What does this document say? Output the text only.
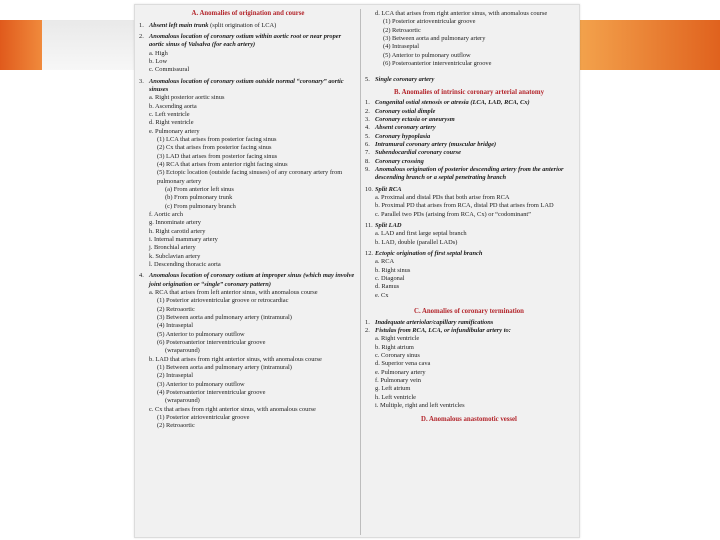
A. Anomalies of origination and course
1. Absent left main trunk (split origination of LCA)
2. Anomalous location of coronary ostium within aortic root or near proper aortic sinus of Valsalva (for each artery)
a. High
b. Low
c. Commissural
3. Anomalous location of coronary ostium outside normal “coronary” aortic sinuses
a. Right posterior aortic sinus
b. Ascending aorta
c. Left ventricle
d. Right ventricle
e. Pulmonary artery
(1) LCA that arises from posterior facing sinus
(2) Cx that arises from posterior facing sinus
(3) LAD that arises from posterior facing sinus
(4) RCA that arises from anterior right facing sinus
(5) Ectopic location (outside facing sinuses) of any coronary artery from pulmonary artery
(a) From anterior left sinus
(b) From pulmonary trunk
(c) From pulmonary branch
f. Aortic arch
g. Innominate artery
h. Right carotid artery
i. Internal mammary artery
j. Bronchial artery
k. Subclavian artery
l. Descending thoracic aorta
4. Anomalous location of coronary ostium at improper sinus (which may involve joint origination or “single” coronary pattern)
a. RCA that arises from left anterior sinus, with anomalous course
(1) Posterior atrioventricular groove or retrocardiac
(2) Retroaortic
(3) Between aorta and pulmonary artery (intramural)
(4) Intraseptal
(5) Anterior to pulmonary outflow
(6) Posteroanterior interventricular groove
(wraparound)
b. LAD that arises from right anterior sinus, with anomalous course
(1) Between aorta and pulmonary artery (intramural)
(2) Intraseptal
(3) Anterior to pulmonary outflow
(4) Posteroanterior interventricular groove
(wraparound)
c. Cx that arises from right anterior sinus, with anomalous course
(1) Posterior atrioventricular groove
(2) Retroaortic
d. LCA that arises from right anterior sinus, with anomalous course
(1) Posterior atrioventricular groove
(2) Retroaortic
(3) Between aorta and pulmonary artery
(4) Intraseptal
(5) Anterior to pulmonary outflow
(6) Posteroanterior interventricular groove
5. Single coronary artery
B. Anomalies of intrinsic coronary arterial anatomy
1. Congenital ostial stenosis or atresia (LCA, LAD, RCA, Cx)
2. Coronary ostial dimple
3. Coronary ectasia or aneurysm
4. Absent coronary artery
5. Coronary hypoplasia
6. Intramural coronary artery (muscular bridge)
7. Subendocardial coronary course
8. Coronary crossing
9. Anomalous origination of posterior descending artery from the anterior descending branch or a septal penetrating branch
10. Split RCA
a. Proximal and distal PDs that both arise from RCA
b. Proximal PD that arises from RCA, distal PD that arises from LAD
c. Parallel two PDs (arising from RCA, Cx) or “codominant”
11. Split LAD
a. LAD and first large septal branch
b. LAD, double (parallel LADs)
12. Ectopic origination of first septal branch
a. RCA
b. Right sinus
c. Diagonal
d. Ramus
e. Cx
C. Anomalies of coronary termination
1. Inadequate arteriolar/capillary ramifications
2. Fistulas from RCA, LCA, or infundibular artery to:
a. Right ventricle
b. Right atrium
c. Coronary sinus
d. Superior vena cava
e. Pulmonary artery
f. Pulmonary vein
g. Left atrium
h. Left ventricle
i. Multiple, right and left ventricles
D. Anomalous anastomotic vessel
